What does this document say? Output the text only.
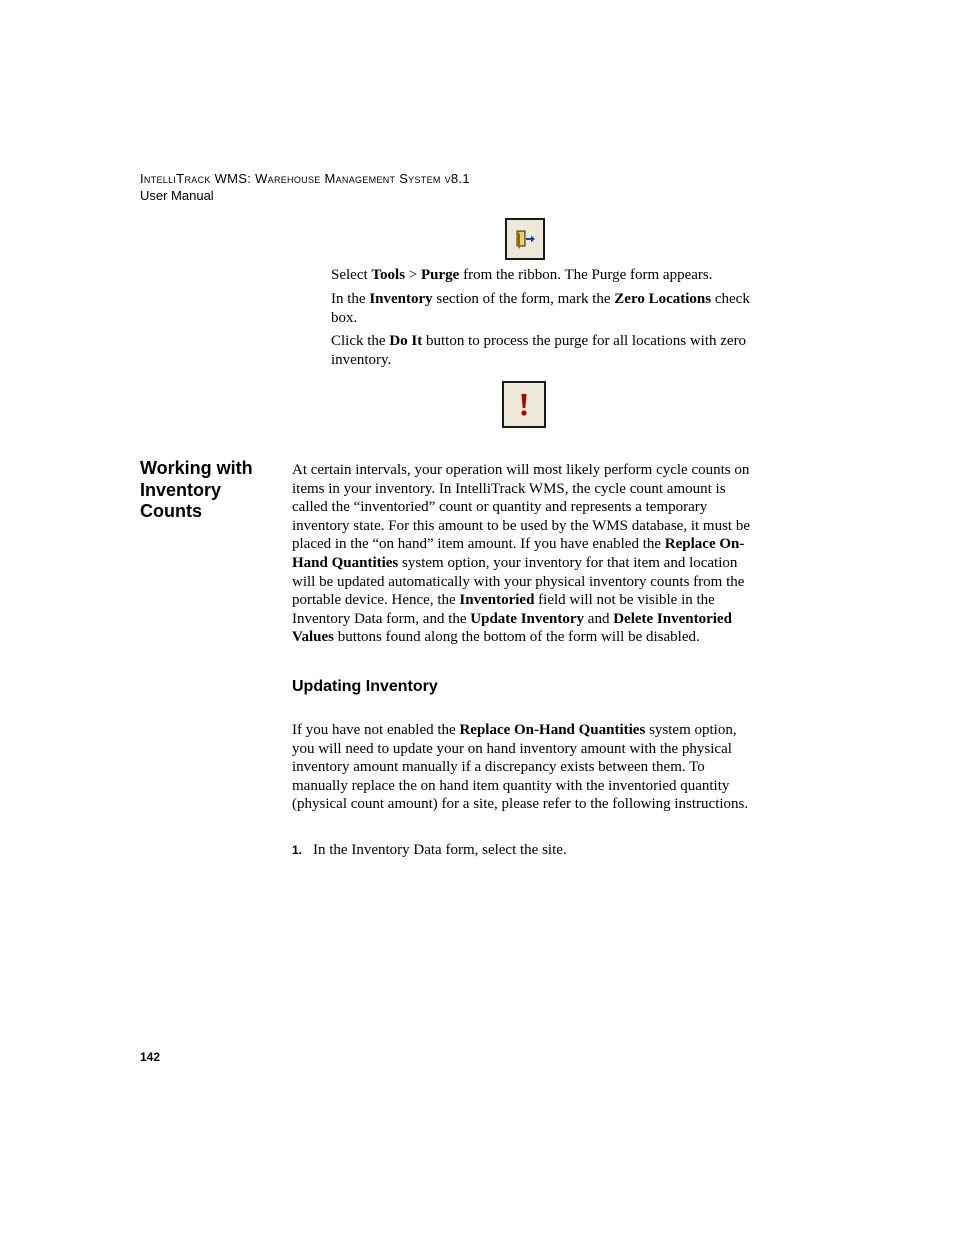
IntelliTrack WMS: Warehouse Management System v8.1
User Manual
Select Tools > Purge from the ribbon. The Purge form appears.
In the Inventory section of the form, mark the Zero Locations check box.
Click the Do It button to process the purge for all locations with zero inventory.
Working with Inventory Counts
At certain intervals, your operation will most likely perform cycle counts on items in your inventory. In IntelliTrack WMS, the cycle count amount is called the “inventoried” count or quantity and represents a temporary inventory state. For this amount to be used by the WMS database, it must be placed in the “on hand” item amount. If you have enabled the Replace On-Hand Quantities system option, your inventory for that item and location will be updated automatically with your physical inventory counts from the portable device. Hence, the Inventoried field will not be visible in the Inventory Data form, and the Update Inventory and Delete Inventoried Values buttons found along the bottom of the form will be disabled.
Updating Inventory
If you have not enabled the Replace On-Hand Quantities system option, you will need to update your on hand inventory amount with the physical inventory amount manually if a discrepancy exists between them. To manually replace the on hand item quantity with the inventoried quantity (physical count amount) for a site, please refer to the following instructions.
1. In the Inventory Data form, select the site.
142
